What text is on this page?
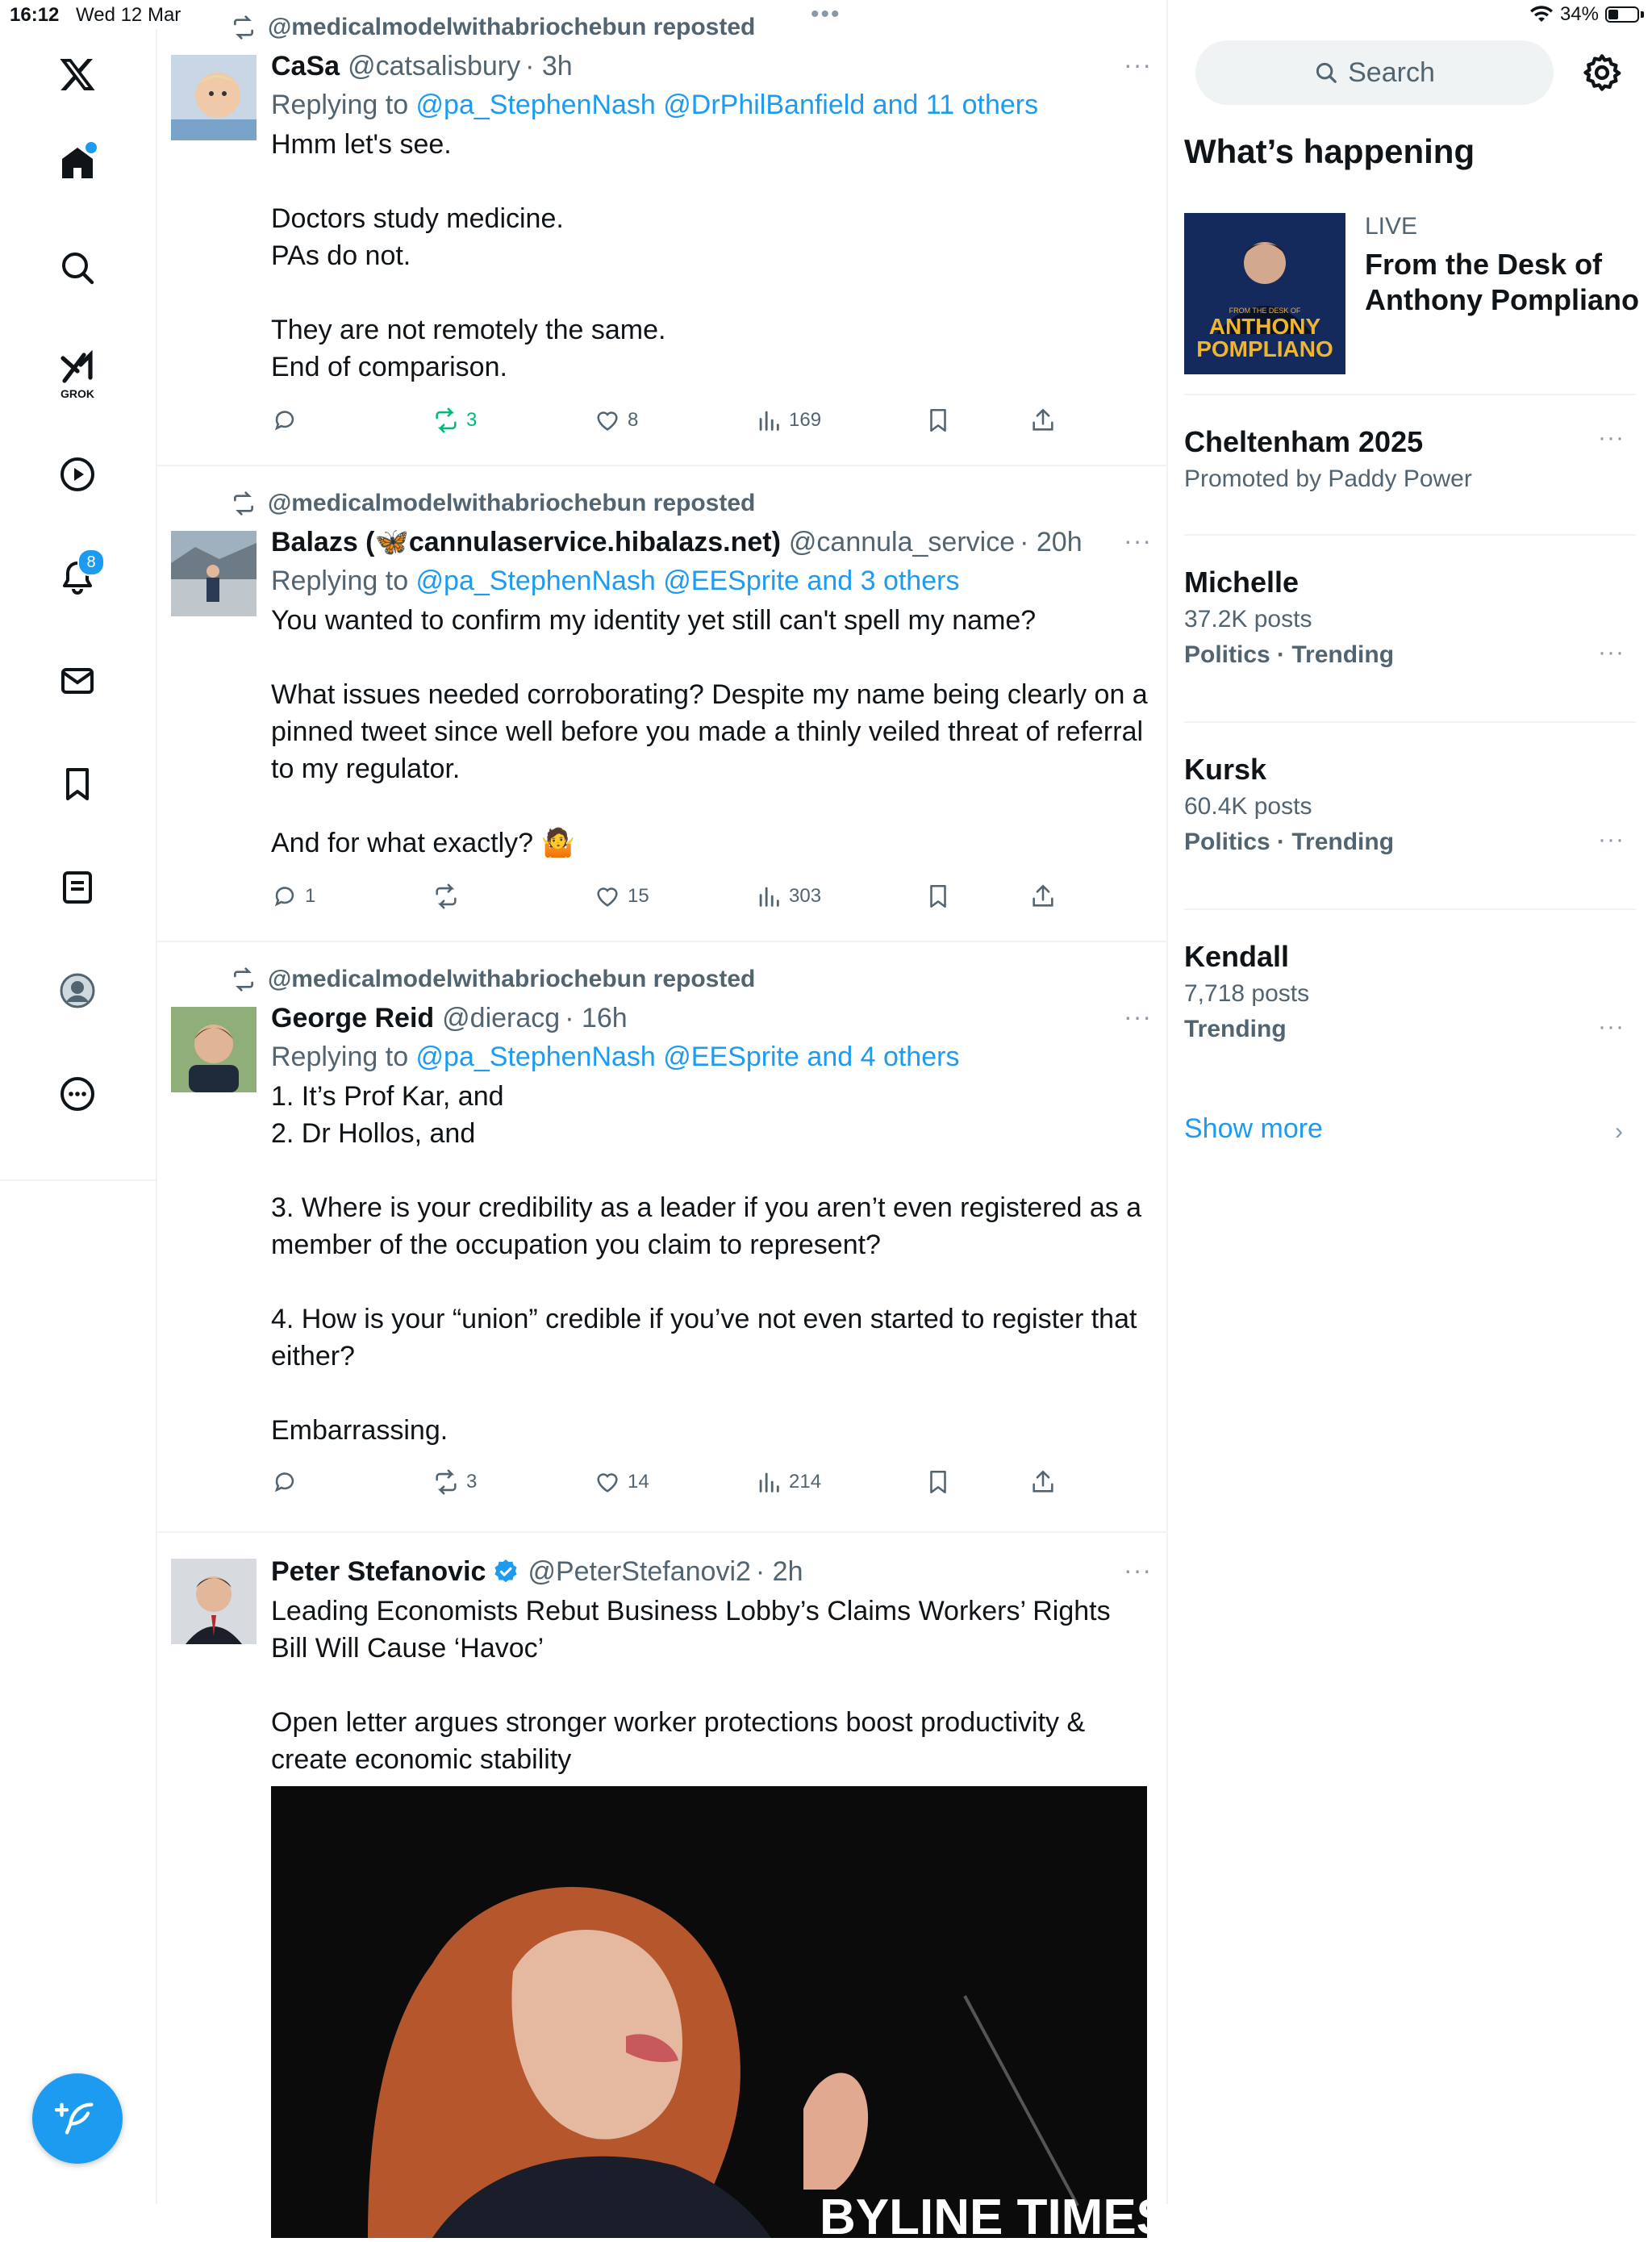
16:12 Wed 12 Mar	34%
•••
GROK
8
@medicalmodelwithabriochebun reposted
CaSa @catsalisbury · 3h
Replying to @pa_StephenNash @DrPhilBanfield and 11 others
Hmm let's see.

Doctors study medicine.
PAs do not.

They are not remotely the same.
End of comparison.
···
3	8	169
@medicalmodelwithabriochebun reposted
Balazs (🦋cannulaservice.hibalazs.net) @cannula_service · 20h
Replying to @pa_StephenNash @EESprite and 3 others
You wanted to confirm my identity yet still can't spell my name?

What issues needed corroborating? Despite my name being clearly on a pinned tweet since well before you made a thinly veiled threat of referral to my regulator.

And for what exactly? 🤷
···
1	15	303
@medicalmodelwithabriochebun reposted
George Reid @dieracg · 16h
Replying to @pa_StephenNash @EESprite and 4 others
1. It’s Prof Kar, and
2. Dr Hollos, and

3. Where is your credibility as a leader if you aren’t even registered as a member of the occupation you claim to represent?

4. How is your “union” credible if you’ve not even started to register that either?

Embarrassing.
···
3	14	214
Peter Stefanovic @PeterStefanovi2 · 2h
Leading Economists Rebut Business Lobby’s Claims Workers’ Rights Bill Will Cause ‘Havoc’

Open letter argues stronger worker protections boost productivity & create economic stability
···
BYLINE TIMES
Search
What’s happening
FROM THE DESK OF
ANTHONY
POMPLIANO
LIVE
From the Desk of Anthony Pompliano
Cheltenham 2025
Promoted by Paddy Power
···
Michelle
37.2K posts
Politics · Trending	···
Kursk
60.4K posts
Politics · Trending	···
Kendall
7,718 posts
Trending	···
Show more	›
